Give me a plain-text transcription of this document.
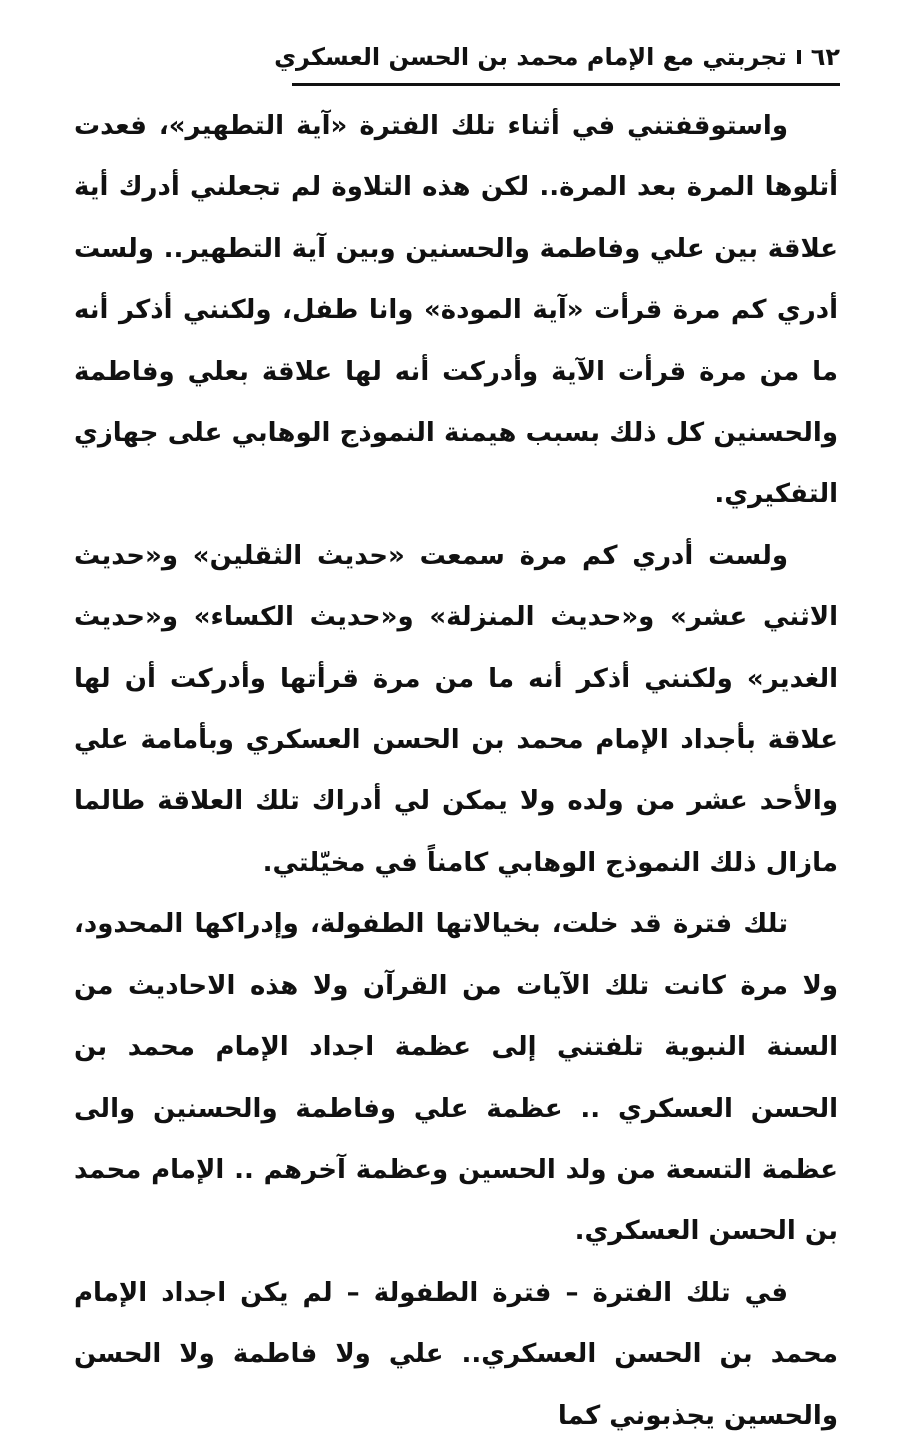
٦٢
تجربتي مع الإمام محمد بن الحسن العسكري

واستوقفتني في أثناء تلك الفترة «آية التطهير»، فعدت أتلوها المرة بعد المرة.. لكن هذه التلاوة لم تجعلني أدرك أية علاقة بين علي وفاطمة والحسنين وبين آية التطهير.. ولست أدري كم مرة قرأت «آية المودة» وانا طفل، ولكنني أذكر أنه ما من مرة قرأت الآية وأدركت أنه لها علاقة بعلي وفاطمة والحسنين كل ذلك بسبب هيمنة النموذج الوهابي على جهازي التفكيري.

ولست أدري كم مرة سمعت «حديث الثقلين» و«حديث الاثني عشر» و«حديث المنزلة» و«حديث الكساء» و«حديث الغدير» ولكنني أذكر أنه ما من مرة قرأتها وأدركت أن لها علاقة بأجداد الإمام محمد بن الحسن العسكري وبأمامة علي والأحد عشر من ولده ولا يمكن لي أدراك تلك العلاقة طالما مازال ذلك النموذج الوهابي كامناً في مخيّلتي.

تلك فترة قد خلت، بخيالاتها الطفولة، وإدراكها المحدود، ولا مرة كانت تلك الآيات من القرآن ولا هذه الاحاديث من السنة النبوية تلفتني إلى عظمة اجداد الإمام محمد بن الحسن العسكري .. عظمة علي وفاطمة والحسنين والى عظمة التسعة من ولد الحسين وعظمة آخرهم .. الإمام محمد بن الحسن العسكري.

في تلك الفترة – فترة الطفولة – لم يكن اجداد الإمام محمد بن الحسن العسكري.. علي ولا فاطمة ولا الحسن والحسين يجذبوني كما
